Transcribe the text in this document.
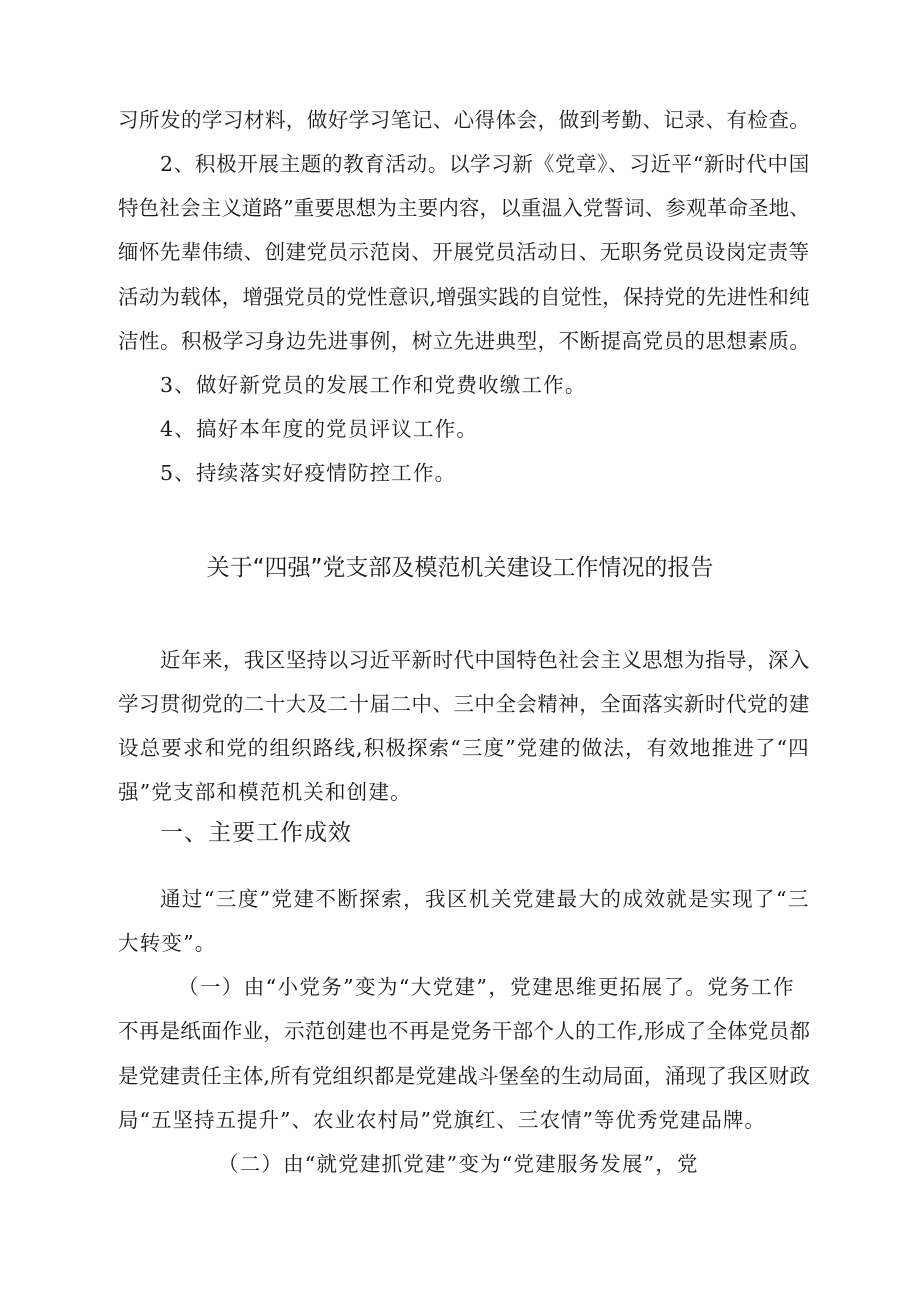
习所发的学习材料，做好学习笔记、心得体会，做到考勤、记录、有检查。
2、积极开展主题的教育活动。以学习新《党章》、习近平“新时代中国
特色社会主义道路”重要思想为主要内容，以重温入党誓词、参观革命圣地、
缅怀先辈伟绩、创建党员示范岗、开展党员活动日、无职务党员设岗定责等
活动为载体，增强党员的党性意识,增强实践的自觉性，保持党的先进性和纯
洁性。积极学习身边先进事例，树立先进典型，不断提高党员的思想素质。
3、做好新党员的发展工作和党费收缴工作。
4、搞好本年度的党员评议工作。
5、持续落实好疫情防控工作。
关于“四强”党支部及模范机关建设工作情况的报告
近年来，我区坚持以习近平新时代中国特色社会主义思想为指导，深入
学习贯彻党的二十大及二十届二中、三中全会精神，全面落实新时代党的建
设总要求和党的组织路线,积极探索“三度”党建的做法，有效地推进了“四
强”党支部和模范机关和创建。
一、主要工作成效
通过“三度”党建不断探索，我区机关党建最大的成效就是实现了“三
大转变”。
（一）由“小党务”变为“大党建”，党建思维更拓展了。党务工作
不再是纸面作业，示范创建也不再是党务干部个人的工作,形成了全体党员都
是党建责任主体,所有党组织都是党建战斗堡垒的生动局面，涌现了我区财政
局“五坚持五提升”、农业农村局”党旗红、三农情”等优秀党建品牌。
（二）由“就党建抓党建”变为“党建服务发展”，党
